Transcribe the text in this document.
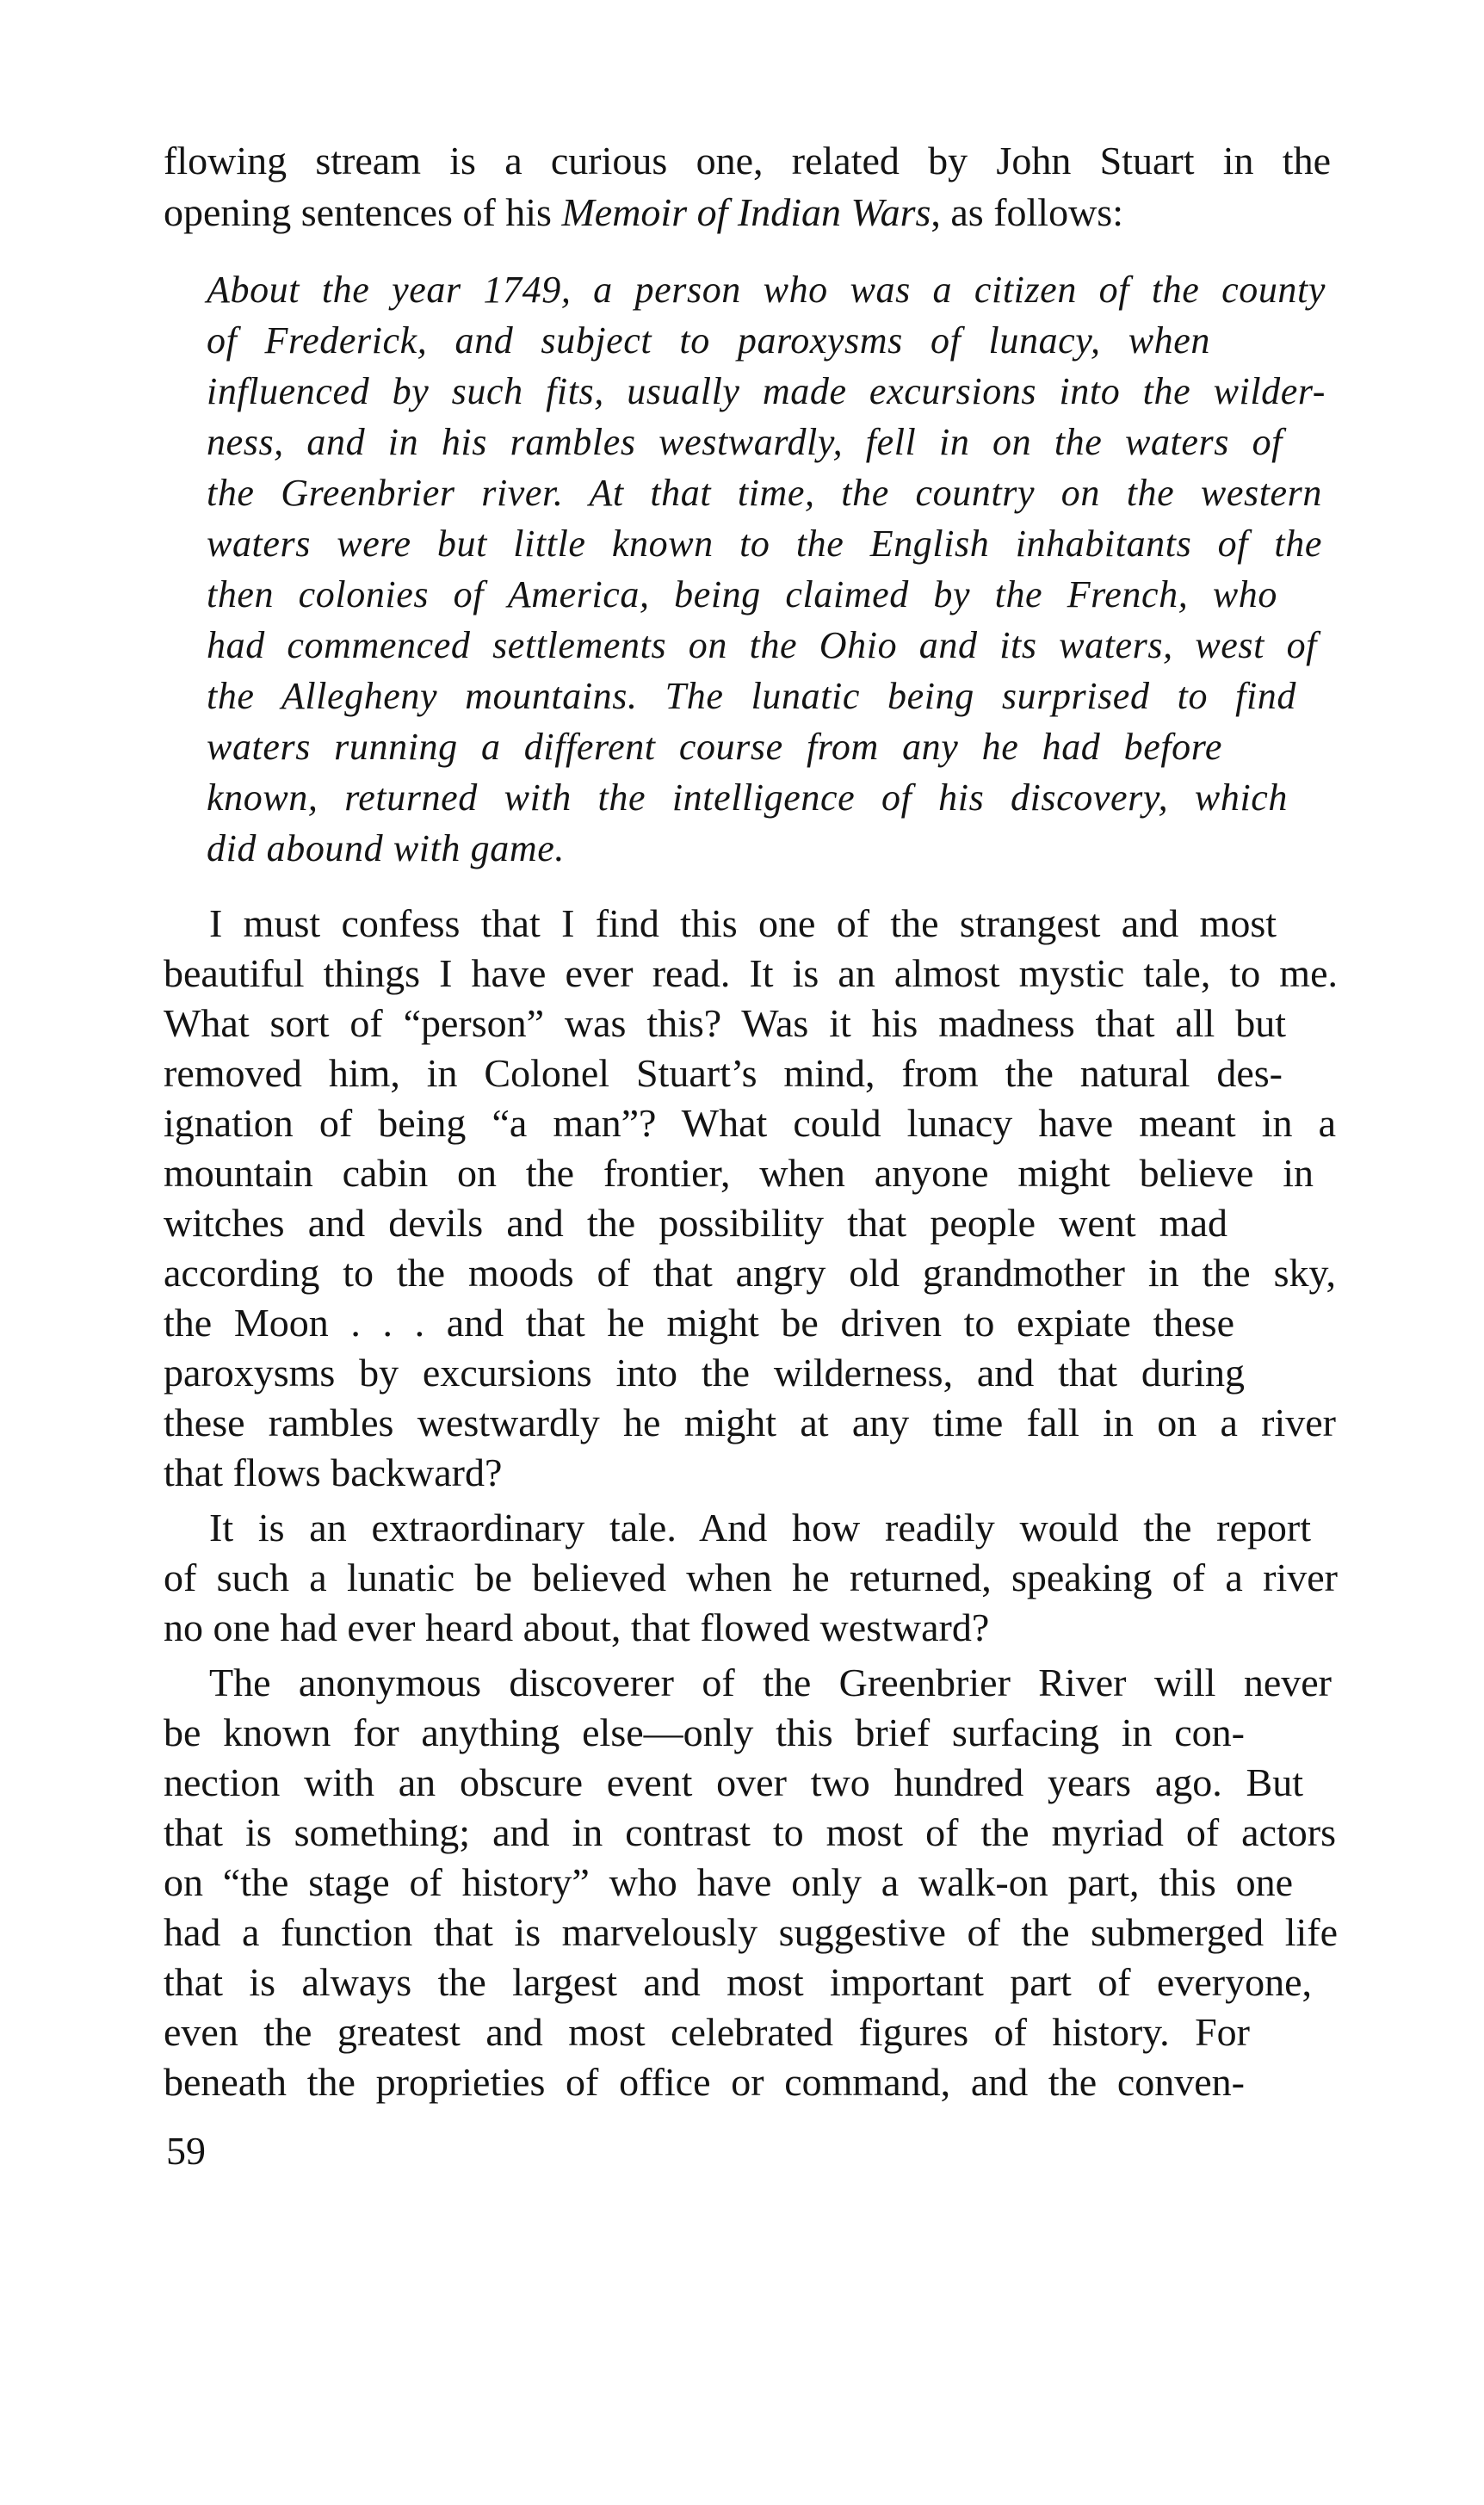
flowing stream is a curious one, related by John Stuart in the

opening sentences of his Memoir of Indian Wars, as follows:

About the year 1749, a person who was a citizen of the county

of Frederick, and subject to paroxysms of lunacy, when

influenced by such fits, usually made excursions into the wilder-

ness, and in his rambles westwardly, fell in on the waters of

the Greenbrier river. At that time, the country on the western

waters were but little known to the English inhabitants of the

then colonies of America, being claimed by the French, who

had commenced settlements on the Ohio and its waters, west of

the Allegheny mountains. The lunatic being surprised to find

waters running a different course from any he had before

known, returned with the intelligence of his discovery, which

did abound with game.

I must confess that I find this one of the strangest and most

beautiful things I have ever read. It is an almost mystic tale, to me.

What sort of “person” was this? Was it his madness that all but

removed him, in Colonel Stuart’s mind, from the natural des-

ignation of being “a man”? What could lunacy have meant in a

mountain cabin on the frontier, when anyone might believe in

witches and devils and the possibility that people went mad

according to the moods of that angry old grandmother in the sky,

the Moon . . . and that he might be driven to expiate these

paroxysms by excursions into the wilderness, and that during

these rambles westwardly he might at any time fall in on a river

that flows backward?

It is an extraordinary tale. And how readily would the report

of such a lunatic be believed when he returned, speaking of a river

no one had ever heard about, that flowed westward?

The anonymous discoverer of the Greenbrier River will never

be known for anything else—only this brief surfacing in con-

nection with an obscure event over two hundred years ago. But

that is something; and in contrast to most of the myriad of actors

on “the stage of history” who have only a walk-on part, this one

had a function that is marvelously suggestive of the submerged life

that is always the largest and most important part of everyone,

even the greatest and most celebrated figures of history. For

beneath the proprieties of office or command, and the conven-

59
